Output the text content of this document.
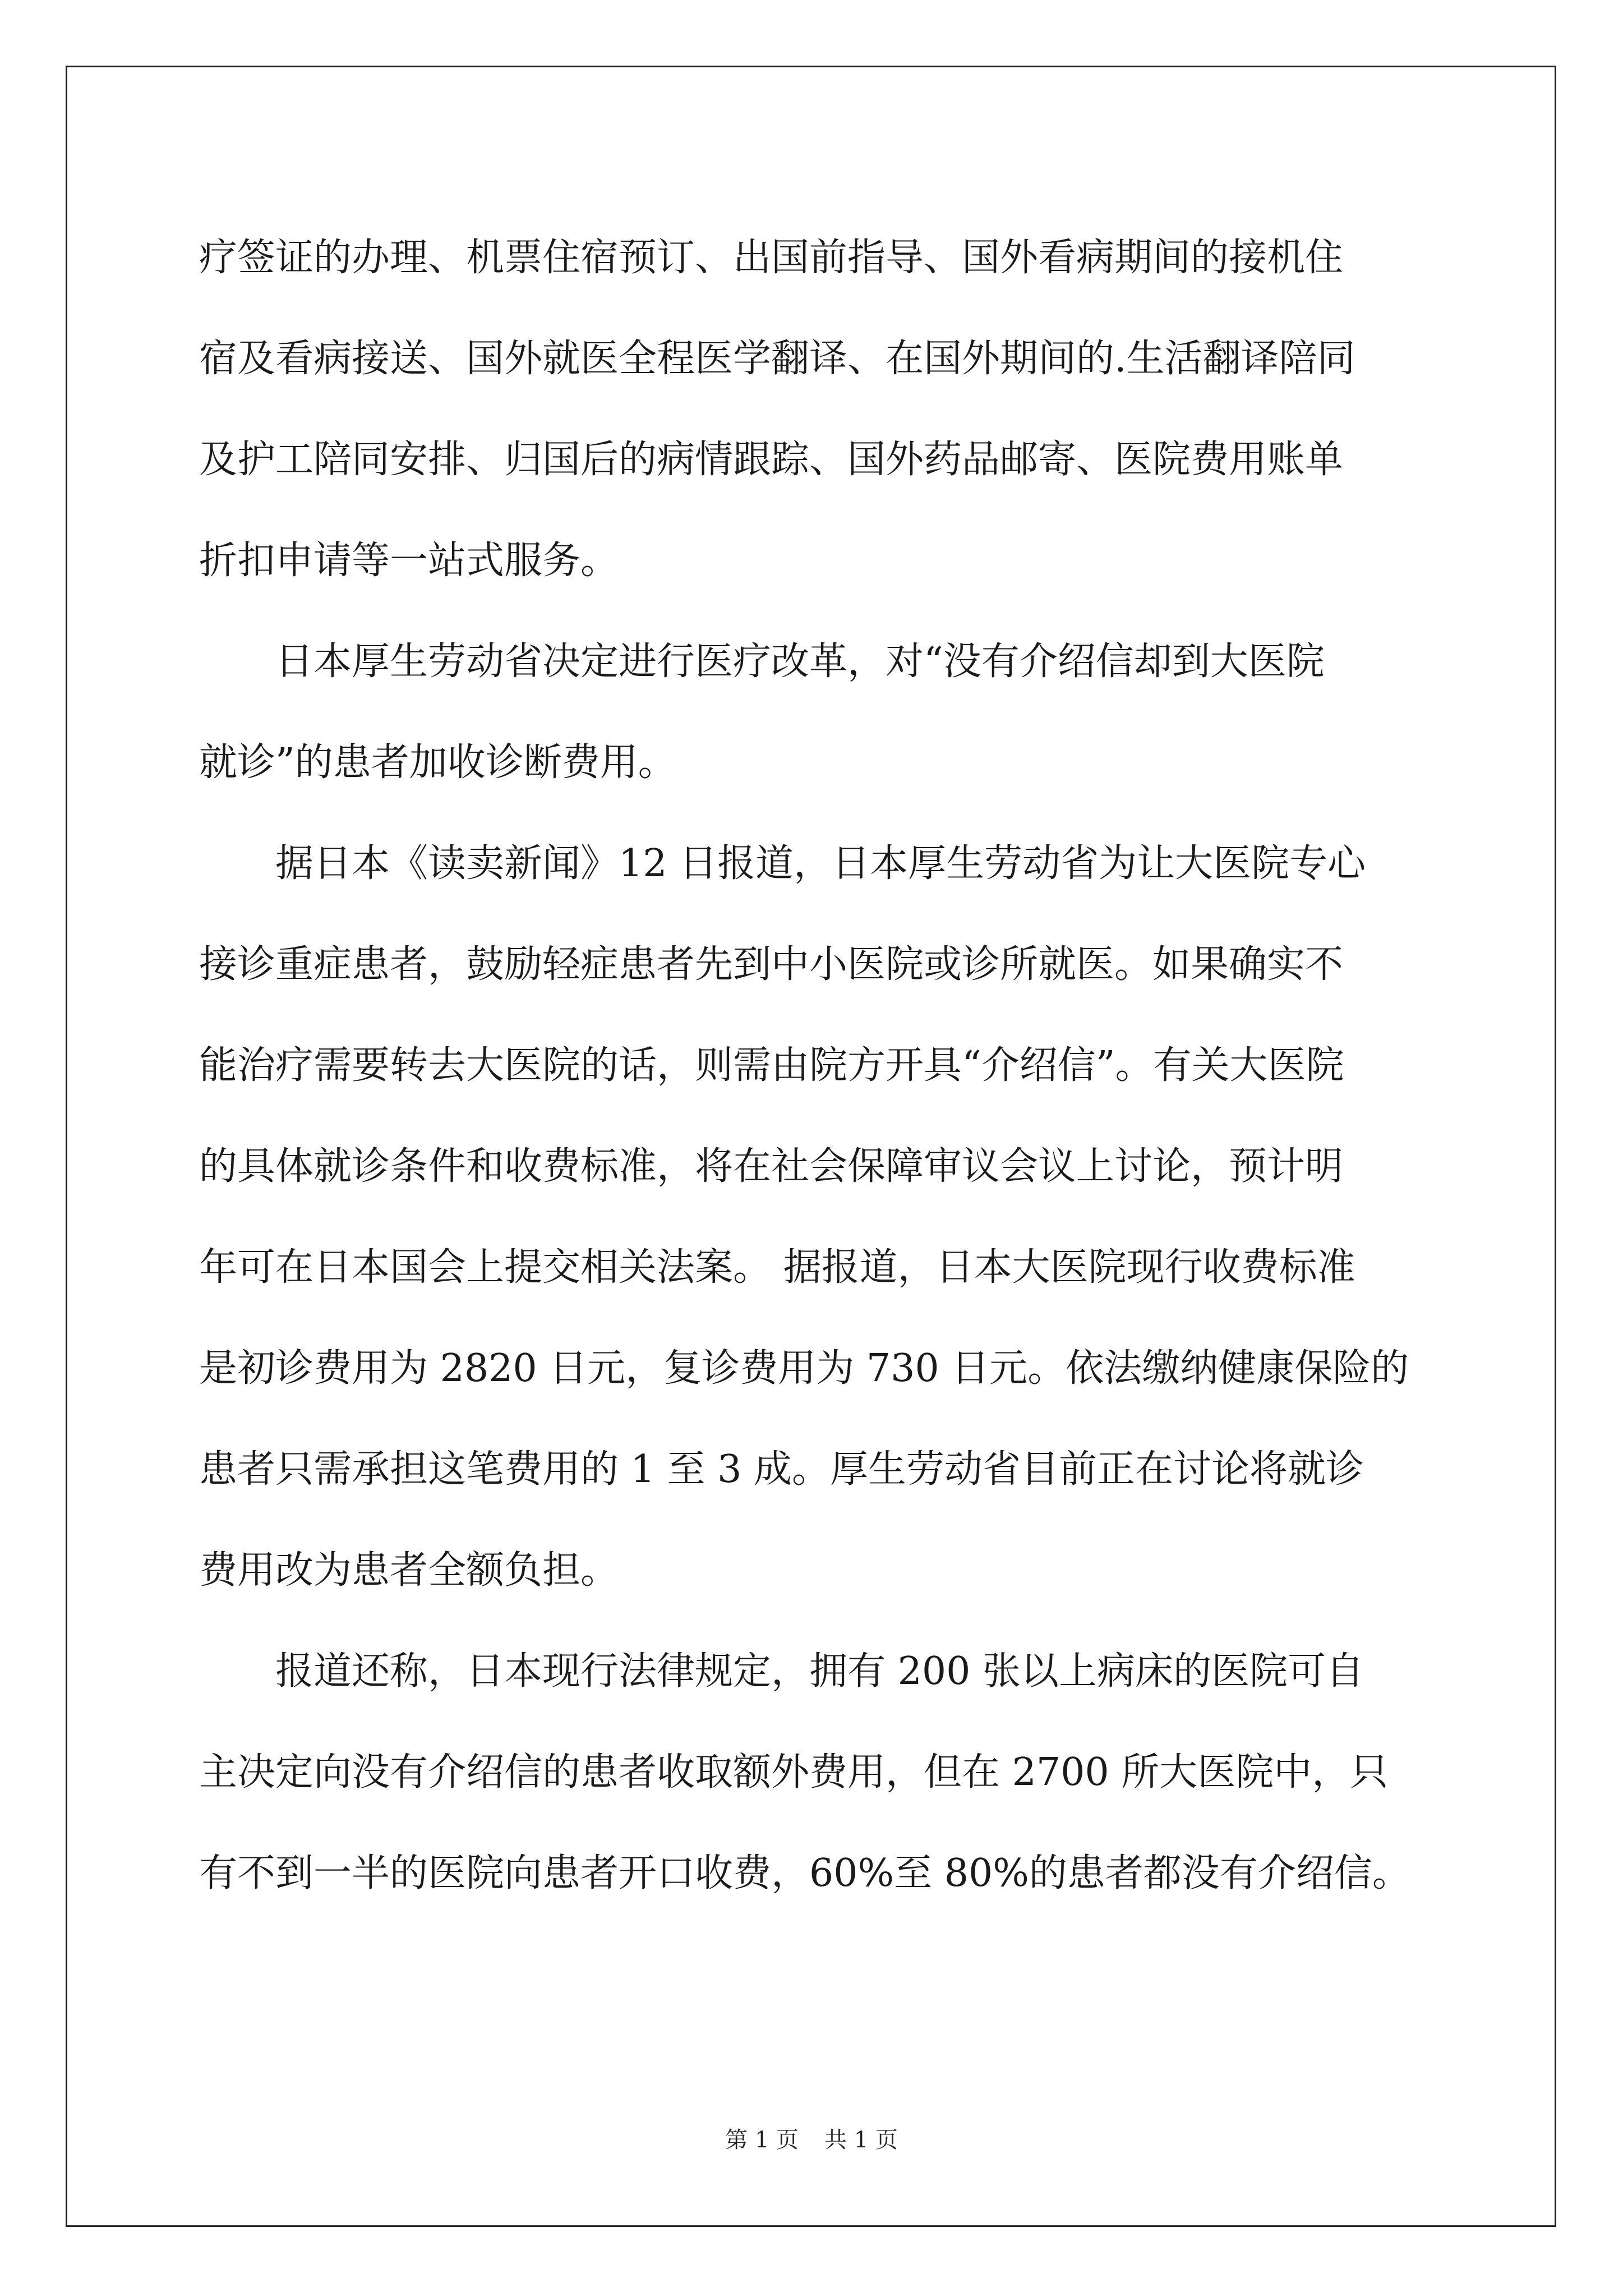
疗签证的办理、机票住宿预订、出国前指导、国外看病期间的接机住
宿及看病接送、国外就医全程医学翻译、在国外期间的.生活翻译陪同
及护工陪同安排、归国后的病情跟踪、国外药品邮寄、医院费用账单
折扣申请等一站式服务。
日本厚生劳动省决定进行医疗改革，对“没有介绍信却到大医院
就诊”的患者加收诊断费用。
据日本《读卖新闻》12 日报道，日本厚生劳动省为让大医院专心
接诊重症患者，鼓励轻症患者先到中小医院或诊所就医。如果确实不
能治疗需要转去大医院的话，则需由院方开具“介绍信”。有关大医院
的具体就诊条件和收费标准，将在社会保障审议会议上讨论，预计明
年可在日本国会上提交相关法案。 据报道，日本大医院现行收费标准
是初诊费用为 2820 日元，复诊费用为 730 日元。依法缴纳健康保险的
患者只需承担这笔费用的 1 至 3 成。厚生劳动省目前正在讨论将就诊
费用改为患者全额负担。
报道还称，日本现行法律规定，拥有 200 张以上病床的医院可自
主决定向没有介绍信的患者收取额外费用，但在 2700 所大医院中，只
有不到一半的医院向患者开口收费，60%至 80%的患者都没有介绍信。
第 1 页 共 1 页
